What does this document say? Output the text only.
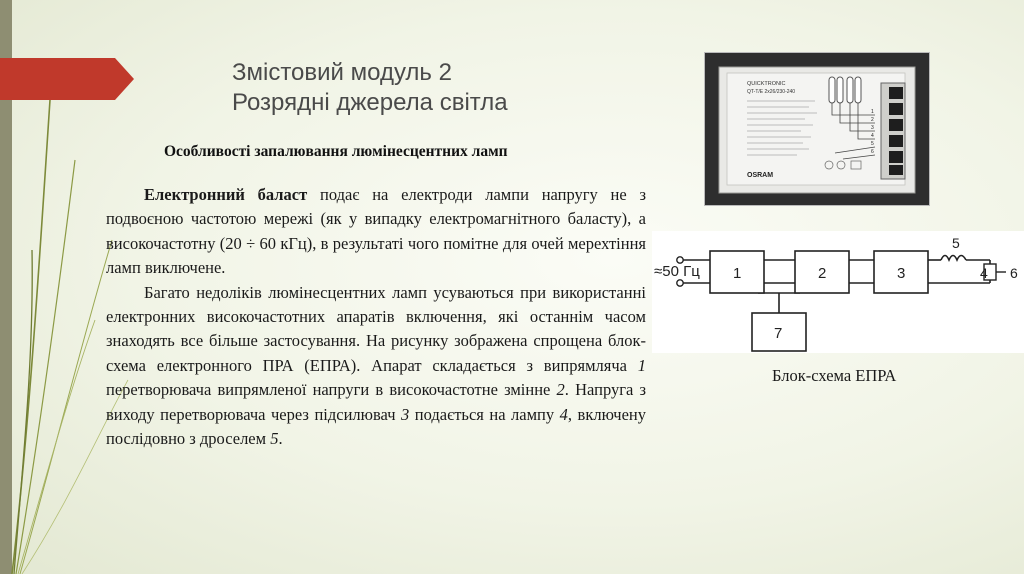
Змістовий модуль 2
Розрядні джерела світла
Особливості запалювання люмінесцентних ламп

Електронний баласт подає на електроди лампи напругу не з подвоєною частотою мережі (як у випадку електромагнітного баласту), а високочастотну (20 ÷ 60 кГц), в результаті чого помітне для очей мерехтіння ламп виключене.

Багато недоліків люмінесцентних ламп усуваються при використанні електронних високочастотних апаратів включення, які останнім часом знаходять все більше застосування. На рисунку зображена спрощена блок-схема електронного ПРА (ЕПРА). Апарат складається з випрямляча 1 перетворювача випрямленої напруги в високочастотне змінне 2. Напруга з виходу перетворювача через підсилювач 3 подається на лампу 4, включену послідовно з дроселем 5.

QUICKTRONIC
QT-T/E 2x26/230-240
1
2
3
4
5
6
OSRAM
≈50 Гц 1	2	3
5
4 6
7
Блок-схема ЕПРА
